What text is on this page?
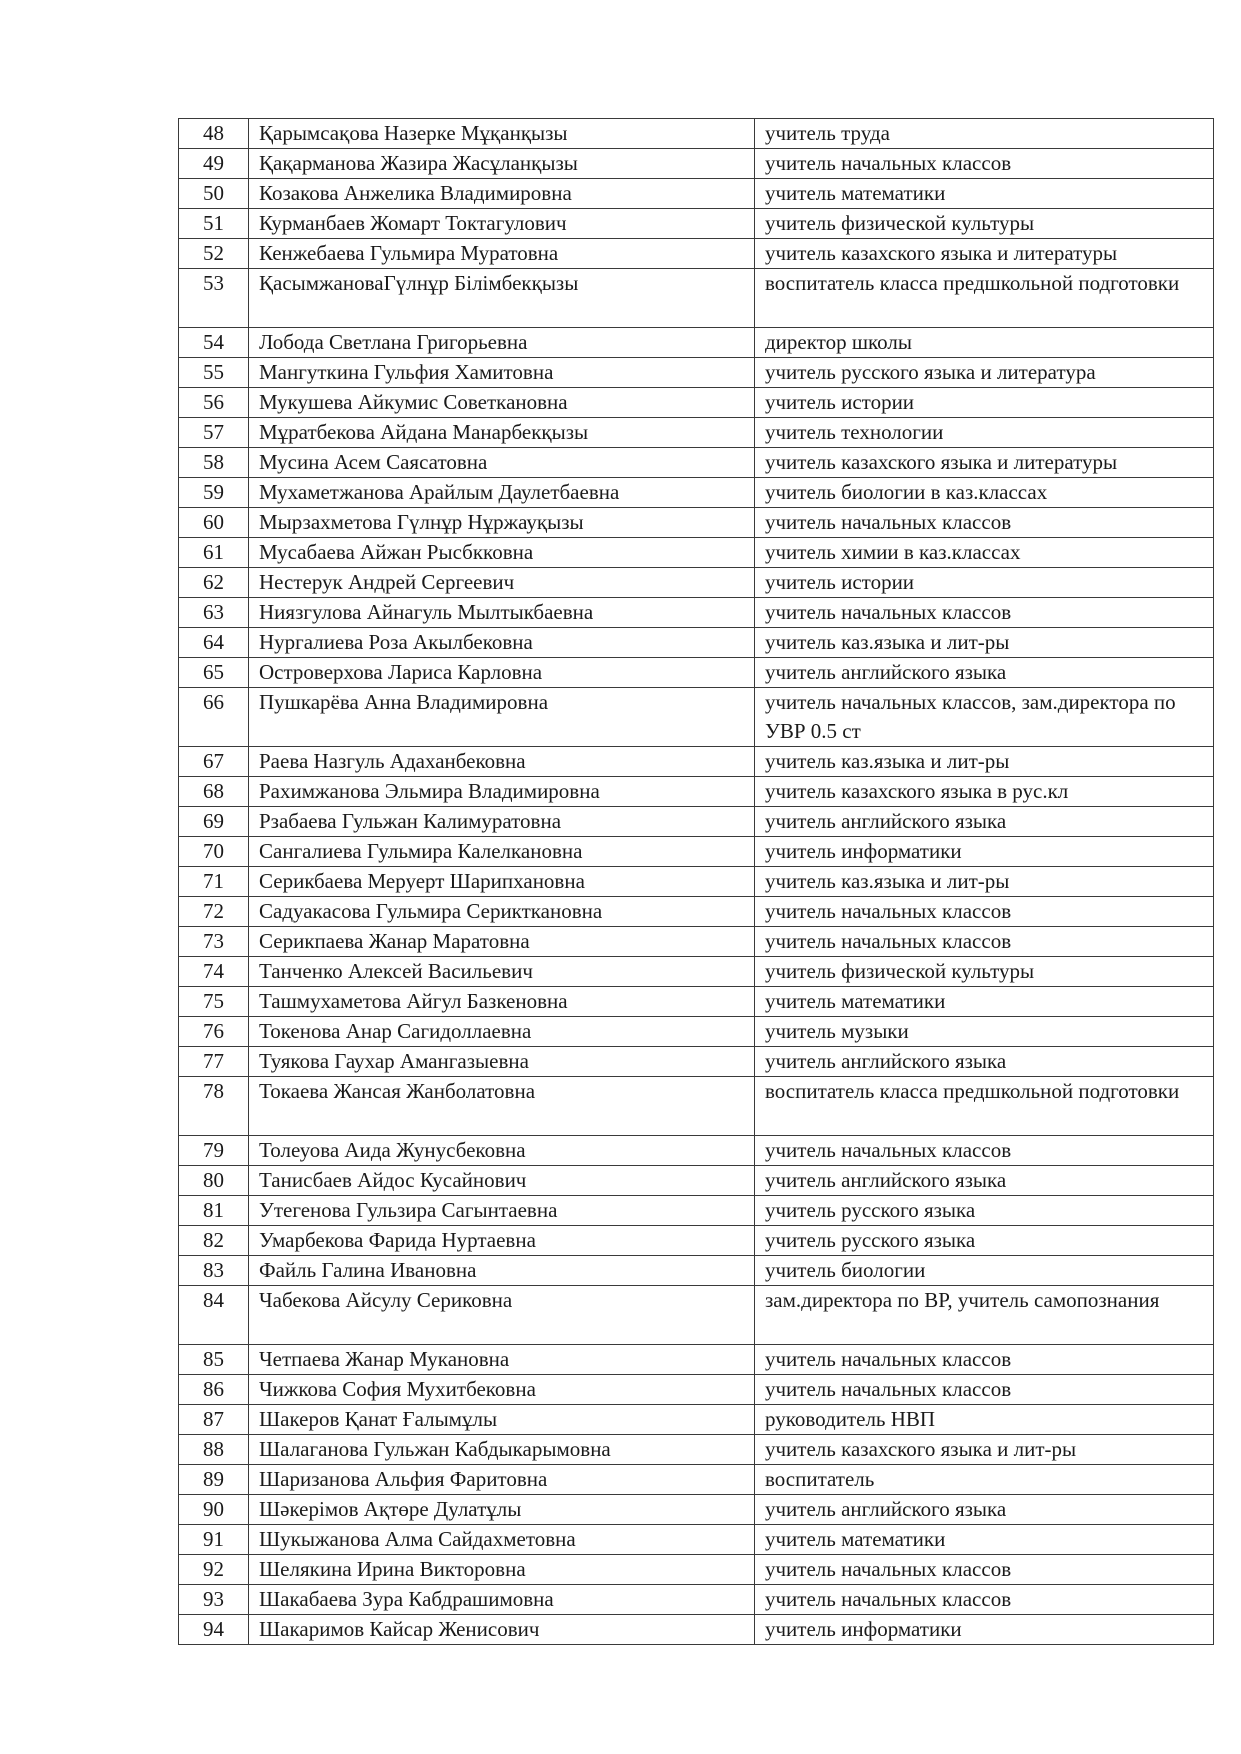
48	Қарымсақова Назерке Мұқанқызы	учитель труда
49	Қақарманова Жазира Жасұланқызы	учитель начальных классов
50	Козакова Анжелика Владимировна	учитель математики
51	Курманбаев Жомарт Токтагулович	учитель физической культуры
52	Кенжебаева Гульмира Муратовна	учитель казахского языка и литературы
53	ҚасымжановаГүлнұр Білімбекқызы	воспитатель класса предшкольной подготовки
54	Лобода Светлана Григорьевна	директор школы
55	Мангуткина Гульфия Хамитовна	учитель русского языка и литература
56	Мукушева Айкумис Советкановна	учитель истории
57	Мұратбекова Айдана Манарбекқызы	учитель технологии
58	Мусина Асем Саясатовна	учитель казахского языка и литературы
59	Мухаметжанова Арайлым Даулетбаевна	учитель биологии в каз.классах
60	Мырзахметова Гүлнұр Нұржауқызы	учитель начальных классов
61	Мусабаева Айжан Рысбкковна	учитель химии в каз.классах
62	Нестерук Андрей Сергеевич	учитель истории
63	Ниязгулова Айнагуль Мылтыкбаевна	учитель начальных классов
64	Нургалиева Роза Акылбековна	учитель каз.языка и лит-ры
65	Островерхова Лариса Карловна	учитель английского языка
66	Пушкарёва Анна Владимировна	учитель начальных классов, зам.директора по УВР 0.5 ст
67	Раева Назгуль Адаханбековна	учитель каз.языка и лит-ры
68	Рахимжанова Эльмира Владимировна	учитель казахского языка в рус.кл
69	Рзабаева Гульжан Калимуратовна	учитель английского языка
70	Сангалиева Гульмира Калелкановна	учитель информатики
71	Серикбаева Меруерт Шарипхановна	учитель каз.языка и лит-ры
72	Садуакасова Гульмира Серикткановна	учитель начальных классов
73	Серикпаева Жанар Маратовна	учитель начальных классов
74	Танченко Алексей Васильевич	учитель физической культуры
75	Ташмухаметова Айгул Базкеновна	учитель математики
76	Токенова Анар Сагидоллаевна	учитель музыки
77	Туякова Гаухар Амангазыевна	учитель английского языка
78	Токаева Жансая Жанболатовна	воспитатель класса предшкольной подготовки
79	Толеуова Аида Жунусбековна	учитель начальных классов
80	Танисбаев Айдос Кусайнович	учитель английского языка
81	Утегенова Гульзира Сагынтаевна	учитель русского языка
82	Умарбекова Фарида Нуртаевна	учитель русского языка
83	Файль Галина Ивановна	учитель биологии
84	Чабекова Айсулу Сериковна	зам.директора по ВР, учитель самопознания
85	Четпаева Жанар Мукановна	учитель начальных классов
86	Чижкова София Мухитбековна	учитель начальных классов
87	Шакеров Қанат Ғалымұлы	руководитель НВП
88	Шалаганова Гульжан Кабдыкарымовна	учитель казахского языка и лит-ры
89	Шаризанова Альфия Фаритовна	воспитатель
90	Шәкерімов Ақтөре Дулатұлы	учитель английского языка
91	Шукыжанова Алма Сайдахметовна	учитель математики
92	Шелякина Ирина Викторовна	учитель начальных классов
93	Шакабаева Зура Кабдрашимовна	учитель начальных классов
94	Шакаримов Кайсар Женисович	учитель информатики
